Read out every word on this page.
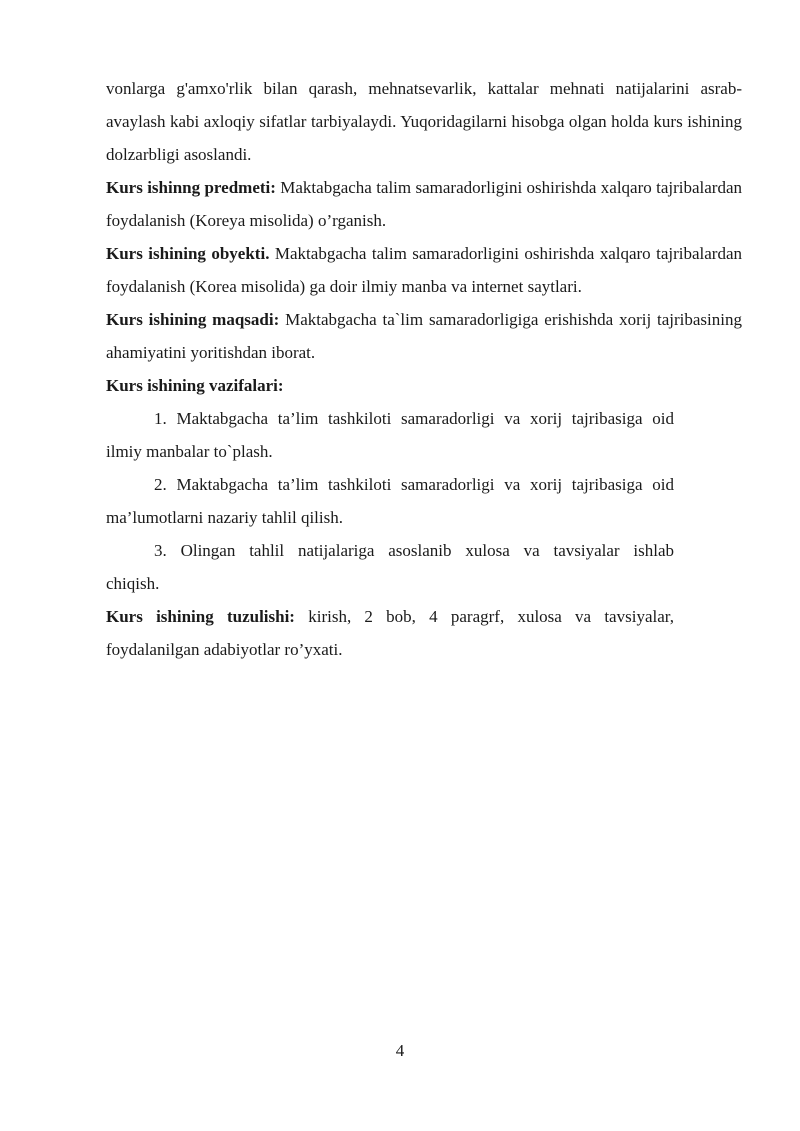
vonlarga g'amxo'rlik bilan qarash, mehnatsevarlik, kattalar mehnati natijalarini asrab-avaylash kabi axloqiy sifatlar tarbiyalaydi. Yuqoridagilarni hisobga olgan holda kurs ishining dolzarbligi asoslandi.

Kurs ishinng predmeti: Maktabgacha talim samaradorligini oshirishda xalqaro tajribalardan foydalanish (Koreya misolida) o’rganish.

Kurs ishining obyekti. Maktabgacha talim samaradorligini oshirishda xalqaro tajribalardan foydalanish (Korea misolida) ga doir ilmiy manba va internet saytlari.

Kurs ishining maqsadi: Maktabgacha ta`lim samaradorligiga erishishda xorij tajribasining ahamiyatini yoritishdan iborat.

Kurs ishining vazifalari:

1. Maktabgacha ta’lim tashkiloti samaradorligi va xorij tajribasiga oid
ilmiy manbalar to`plash.
2. Maktabgacha ta’lim tashkiloti samaradorligi va xorij tajribasiga oid
ma’lumotlarni nazariy tahlil qilish.
3. Olingan tahlil natijalariga asoslanib xulosa va tavsiyalar ishlab
chiqish.

Kurs ishining tuzulishi: kirish, 2 bob, 4 paragrf, xulosa va tavsiyalar, foydalanilgan adabiyotlar ro’yxati.

4
